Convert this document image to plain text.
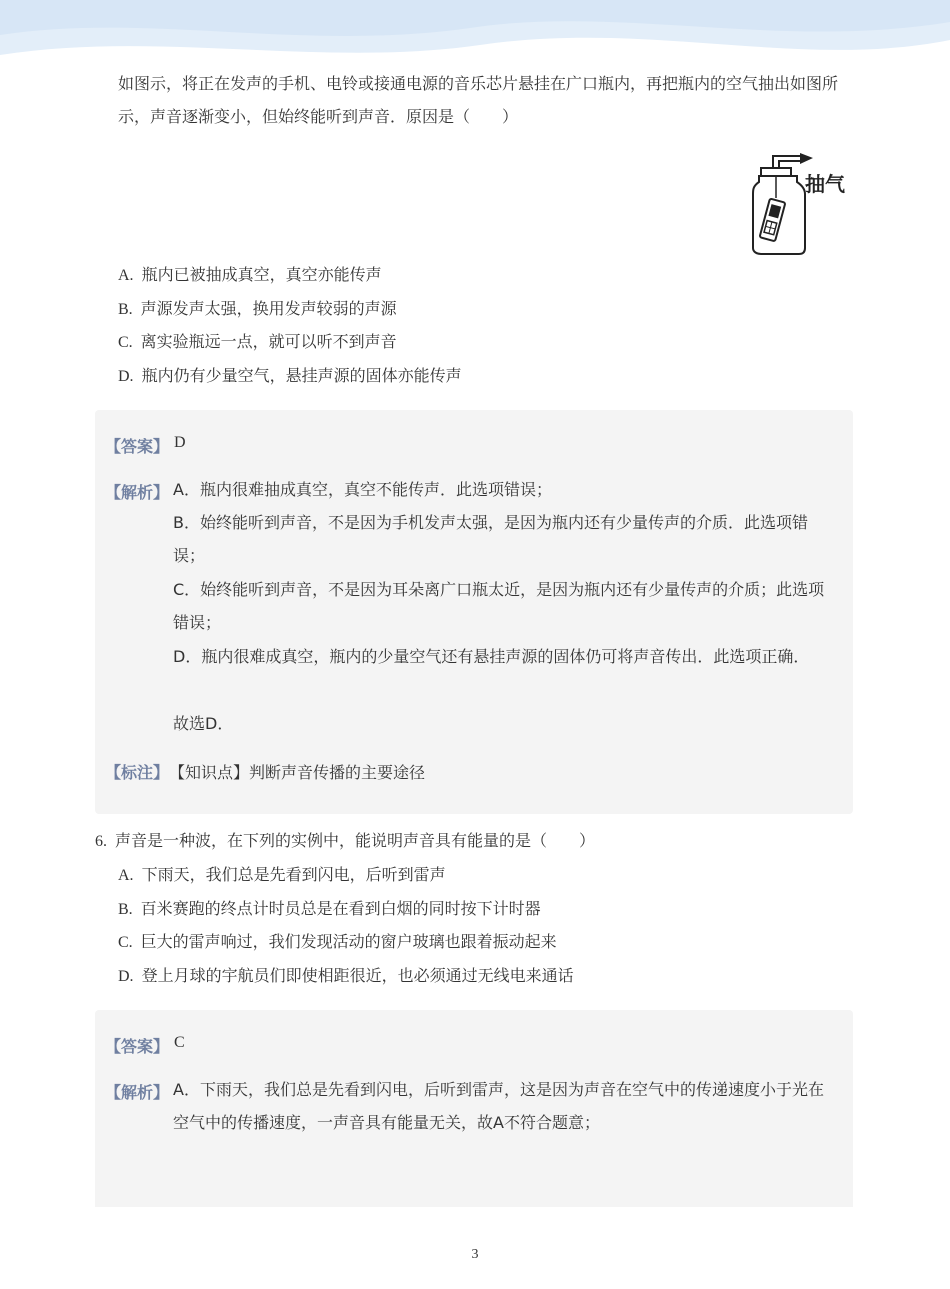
如图示，将正在发声的手机、电铃或接通电源的音乐芯片悬挂在广口瓶内，再把瓶内的空气抽出如图所示，声音逐渐变小，但始终能听到声音．原因是（　　）

抽气
A. 瓶内已被抽成真空，真空亦能传声
B. 声源发声太强，换用发声较弱的声源
C. 离实验瓶远一点，就可以听不到声音
D. 瓶内仍有少量空气，悬挂声源的固体亦能传声
【答案】 D
【解析】 A．瓶内很难抽成真空，真空不能传声．此选项错误；

B．始终能听到声音，不是因为手机发声太强，是因为瓶内还有少量传声的介质．此选项错误；

C．始终能听到声音，不是因为耳朵离广口瓶太近，是因为瓶内还有少量传声的介质；此选项错误；

D．瓶内很难成真空，瓶内的少量空气还有悬挂声源的固体仍可将声音传出．此选项正确．

故选D．

【标注】 【知识点】判断声音传播的主要途径
6. 声音是一种波，在下列的实例中，能说明声音具有能量的是（　　）
A. 下雨天，我们总是先看到闪电，后听到雷声
B. 百米赛跑的终点计时员总是在看到白烟的同时按下计时器
C. 巨大的雷声响过，我们发现活动的窗户玻璃也跟着振动起来
D. 登上月球的宇航员们即使相距很近，也必须通过无线电来通话
【答案】 C
【解析】 A．下雨天，我们总是先看到闪电，后听到雷声，这是因为声音在空气中的传递速度小于光在空气中的传播速度，一声音具有能量无关，故A不符合题意；

3
